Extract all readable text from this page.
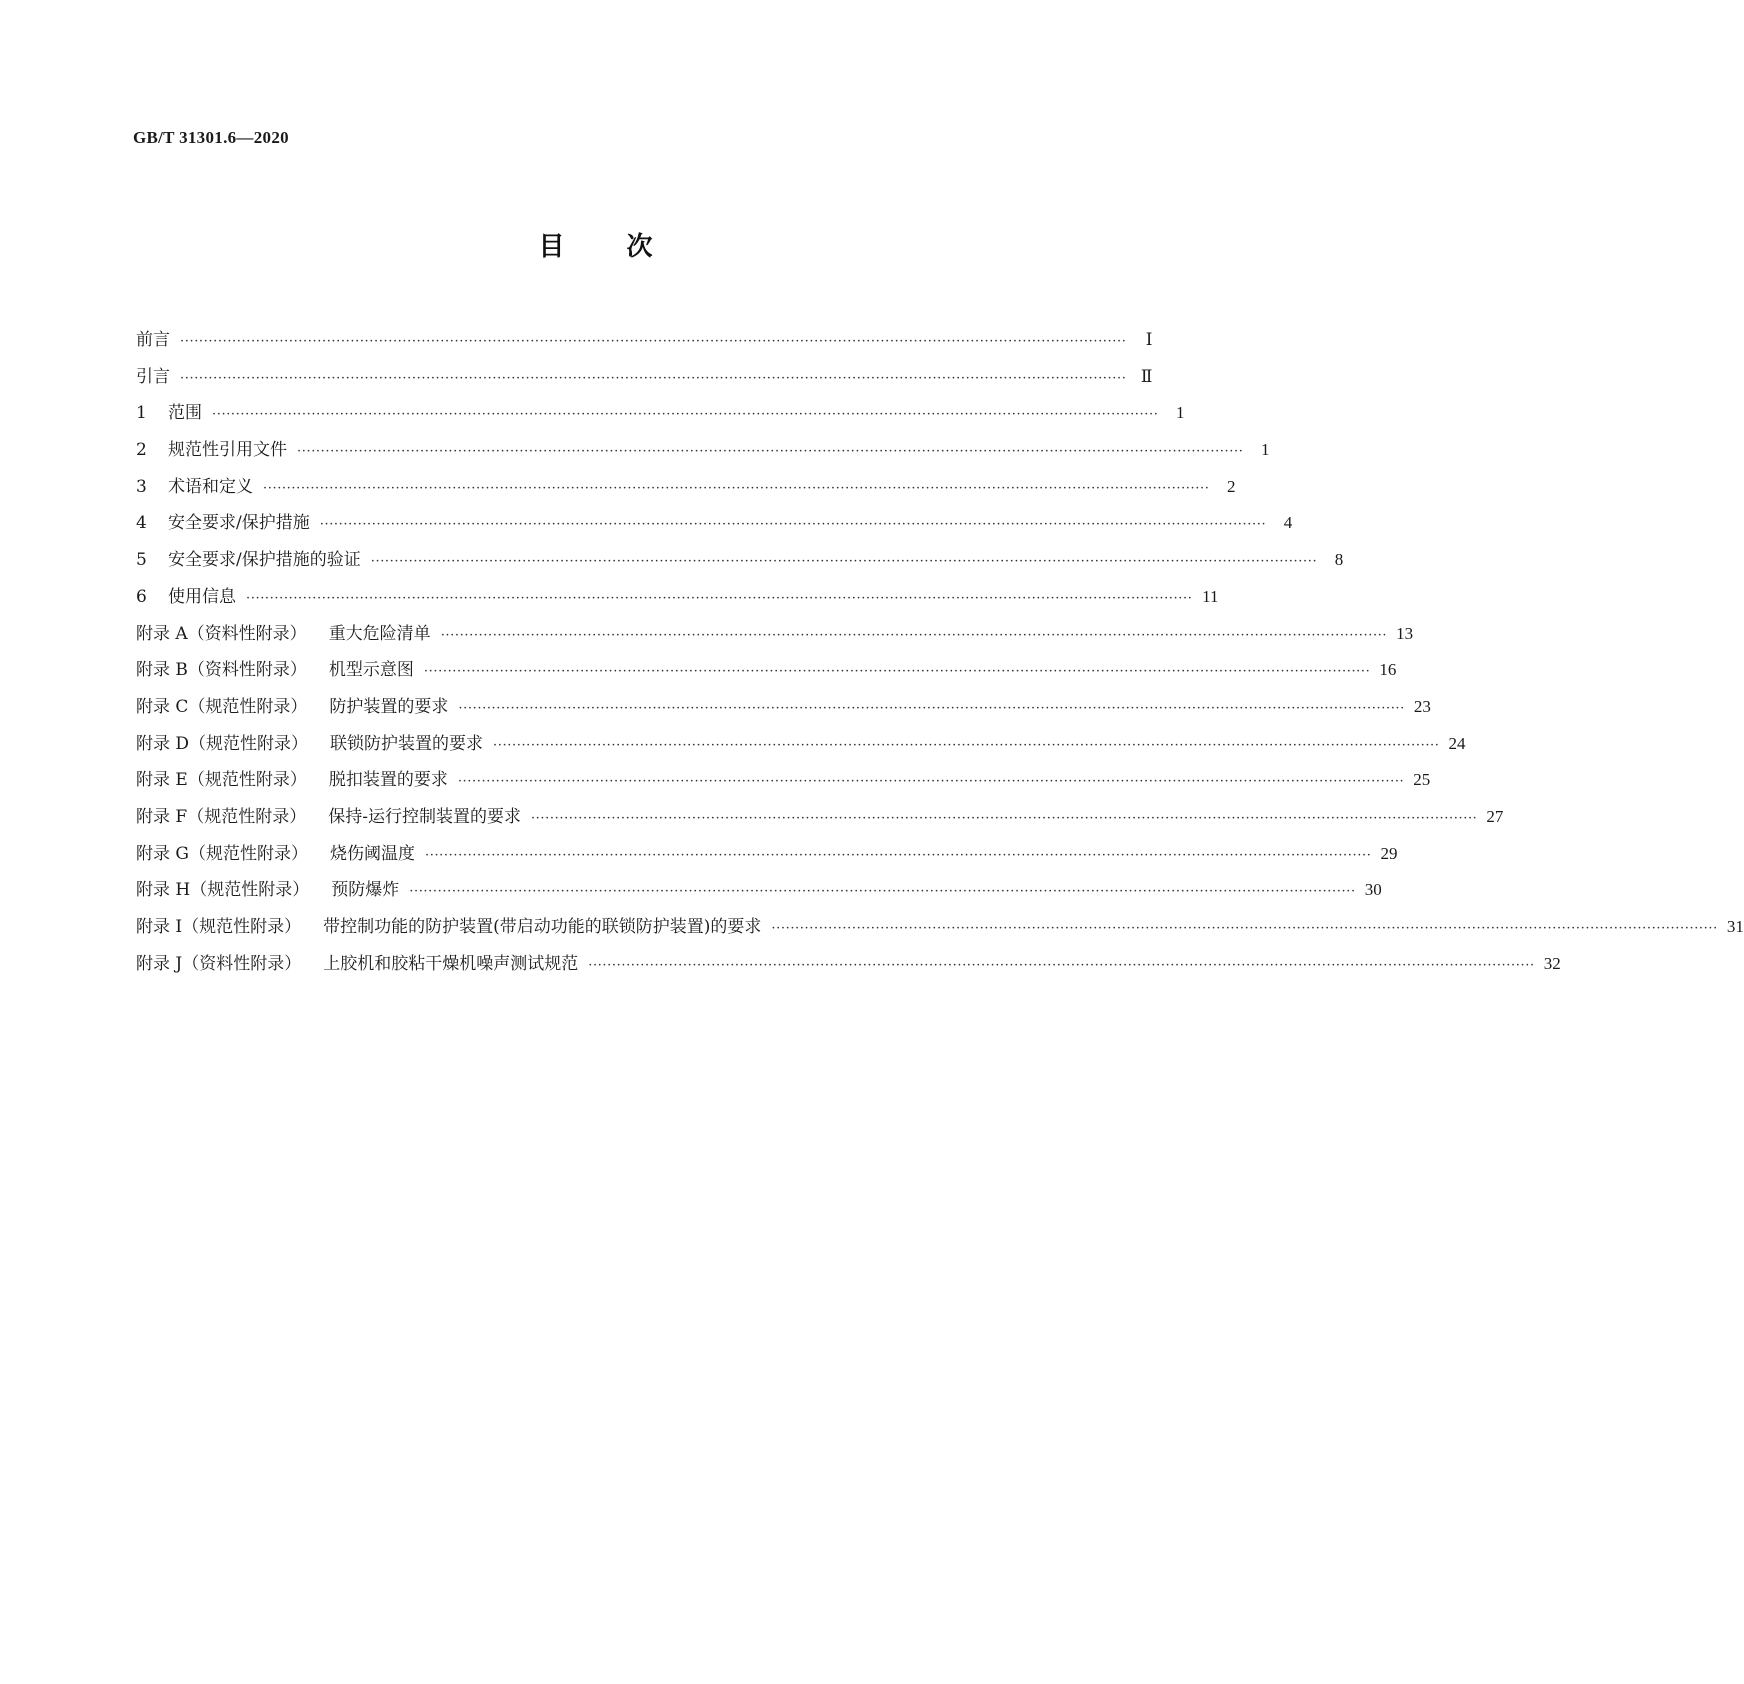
GB/T 31301.6—2020
目 次
前言 ········································································································································································································	Ⅰ
引言 ········································································································································································································ Ⅱ
1	范围 ········································································································································································································	1
2	规范性引用文件 ········································································································································································································	1
3	术语和定义 ········································································································································································································	2
4	安全要求/保护措施 ········································································································································································································	4
5	安全要求/保护措施的验证 ········································································································································································································	8
6	使用信息 ········································································································································································································ 11
附录 A（资料性附录）	重大危险清单 ········································································································································································································ 13
附录 B（资料性附录）	机型示意图 ········································································································································································································ 16
附录 C（规范性附录）	防护装置的要求 ········································································································································································································ 23
附录 D（规范性附录）	联锁防护装置的要求 ········································································································································································································ 24
附录 E（规范性附录）	脱扣装置的要求 ········································································································································································································ 25
附录 F（规范性附录）	保持-运行控制装置的要求 ········································································································································································································ 27
附录 G（规范性附录）	烧伤阈温度 ········································································································································································································ 29
附录 H（规范性附录）	预防爆炸 ········································································································································································································ 30
附录 I（规范性附录）	带控制功能的防护装置(带启动功能的联锁防护装置)的要求 ········································································································································································································ 31
附录 J（资料性附录）	上胶机和胶粘干燥机噪声测试规范 ········································································································································································································ 32
